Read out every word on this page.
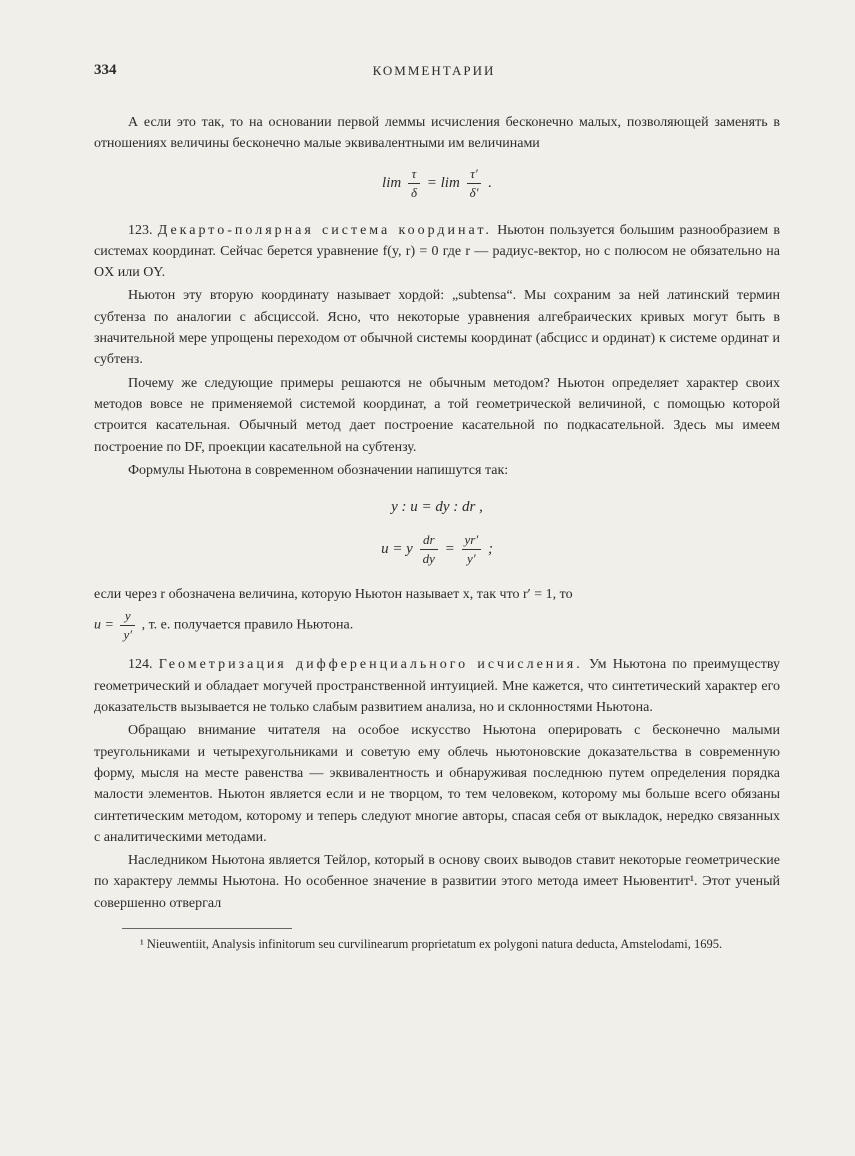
334	КОММЕНТАРИИ

А если это так, то на основании первой леммы исчисления бесконечно малых, позволяющей заменять в отношениях величины бесконечно малые эквивалентными им величинами

$\lim \frac{\tau}{\delta} = \lim \frac{\tau'}{\delta'}$ .

123. Декарто-полярная система координат. Ньютон пользуется большим разнообразием в системах координат. Сейчас берется уравнение f(y, r) = 0 где r — радиус-вектор, но с полюсом не обязательно на OX или OY.

Ньютон эту вторую координату называет хордой: „subtensa“. Мы сохраним за ней латинский термин субтенза по аналогии с абсциссой. Ясно, что некоторые уравнения алгебраических кривых могут быть в значительной мере упрощены переходом от обычной системы координат (абсцисс и ординат) к системе ординат и субтенз.

Почему же следующие примеры решаются не обычным методом? Ньютон определяет характер своих методов вовсе не применяемой системой координат, а той геометрической величиной, с помощью которой строится касательная. Обычный метод дает построение касательной по подкасательной. Здесь мы имеем построение по DF, проекции касательной на субтензу.

Формулы Ньютона в современном обозначении напишутся так:

y : u = dy : dr ,
u = y $\frac{dr}{dy} = \frac{yr'}{y'}$ ;

если через r обозначена величина, которую Ньютон называет x, так что r′ = 1, то

$u = \frac{y}{y'}$ , т. е. получается правило Ньютона.

124. Геометризация дифференциального исчисления. Ум Ньютона по преимуществу геометрический и обладает могучей пространственной интуицией. Мне кажется, что синтетический характер его доказательств вызывается не только слабым развитием анализа, но и склонностями Ньютона.

Обращаю внимание читателя на особое искусство Ньютона оперировать с бесконечно малыми треугольниками и четырехугольниками и советую ему облечь ньютоновские доказательства в современную форму, мысля на месте равенства — эквивалентность и обнаруживая последнюю путем определения порядка малости элементов. Ньютон является если и не творцом, то тем человеком, которому мы больше всего обязаны синтетическим методом, которому и теперь следуют многие авторы, спасая себя от выкладок, нередко связанных с аналитическими методами.

Наследником Ньютона является Тейлор, который в основу своих выводов ставит некоторые геометрические по характеру леммы Ньютона. Но особенное значение в развитии этого метода имеет Ньювентит¹. Этот ученый совершенно отвергал

¹ Nieuwentiit, Analysis infinitorum seu curvilinearum proprietatum ex polygoni natura deducta, Amstelodami, 1695.
